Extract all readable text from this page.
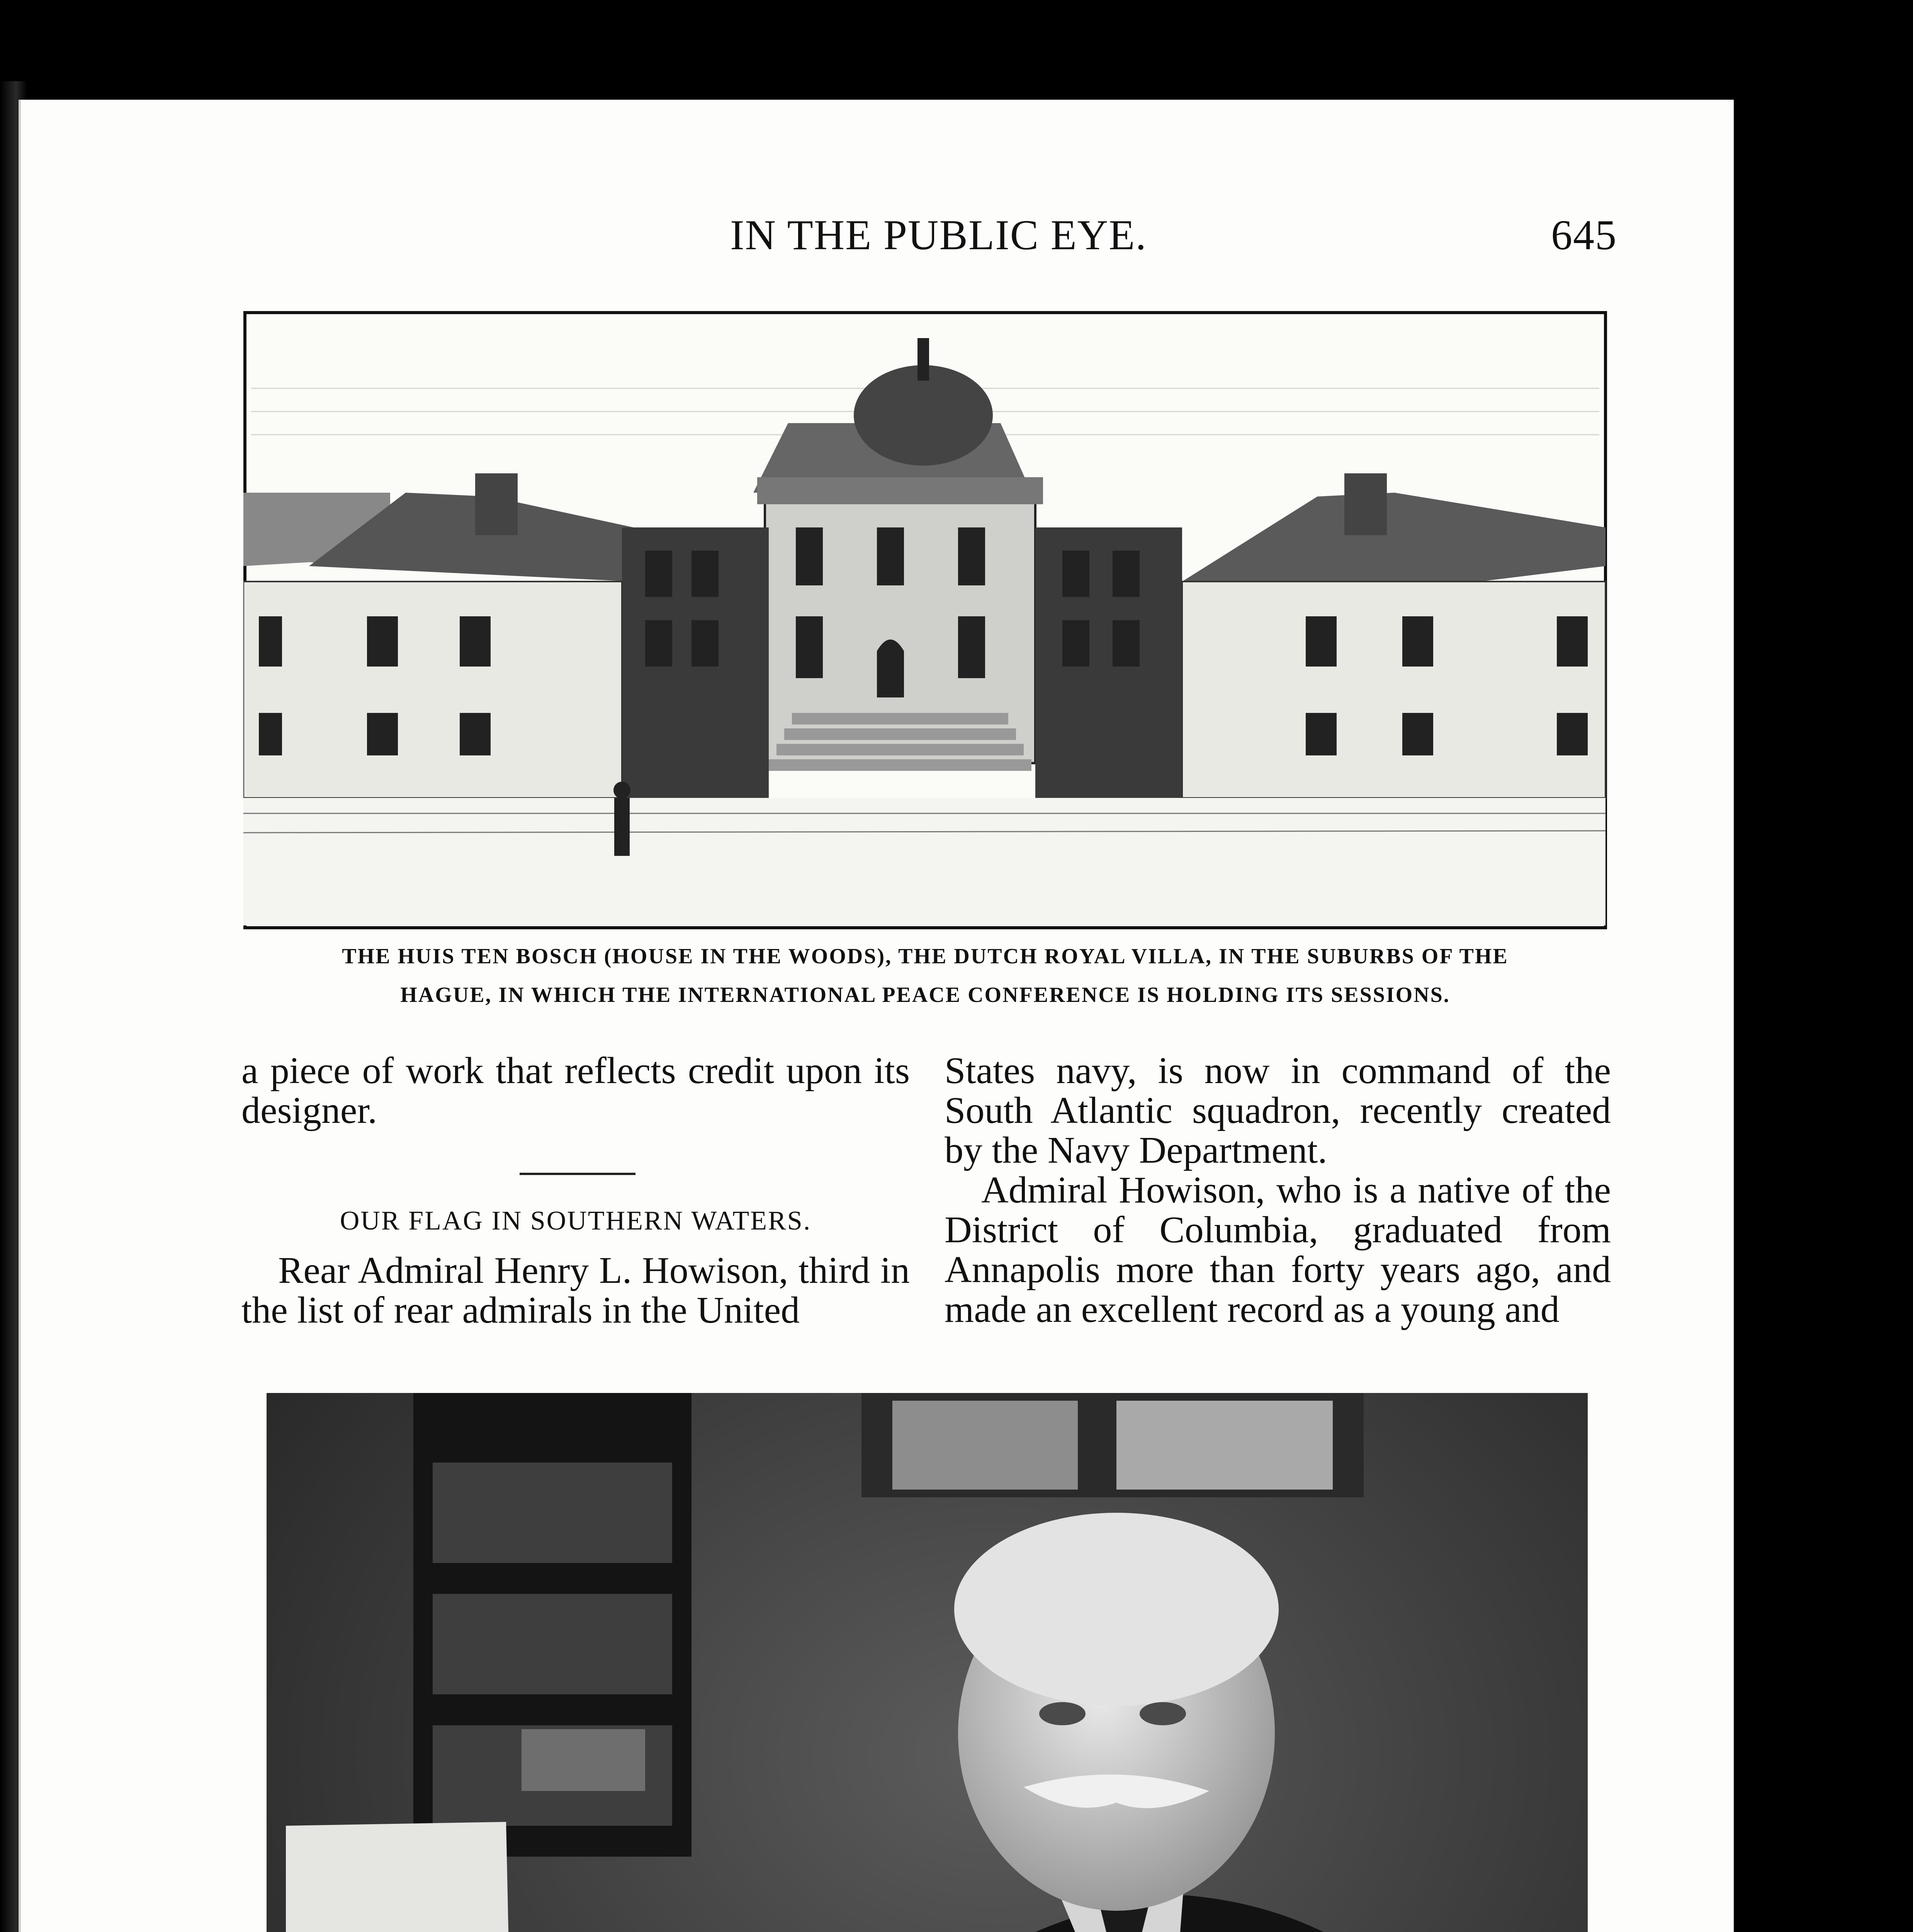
IN THE PUBLIC EYE.	645
THE HUIS TEN BOSCH (HOUSE IN THE WOODS), THE DUTCH ROYAL VILLA, IN THE SUBURBS OF THE
HAGUE, IN WHICH THE INTERNATIONAL PEACE CONFERENCE IS HOLDING ITS SESSIONS.

a piece of work that reflects credit upon its designer.

OUR FLAG IN SOUTHERN WATERS.

Rear Admiral Henry L. Howison, third in the list of rear admirals in the United

States navy, is now in command of the South Atlantic squadron, recently created by the Navy Department.

Admiral Howison, who is a native of the District of Columbia, graduated from Annapolis more than forty years ago, and made an excellent record as a young and
